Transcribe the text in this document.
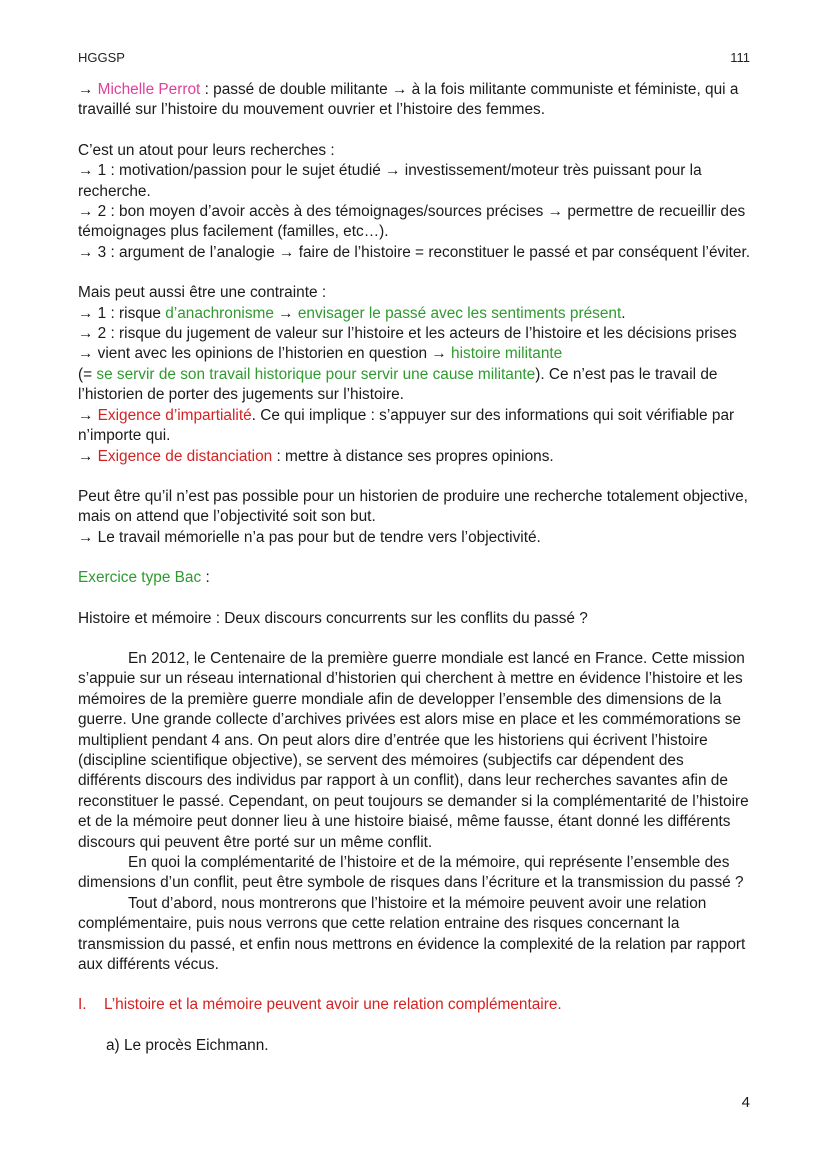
HGGSP	111

→ Michelle Perrot : passé de double militante → à la fois militante communiste et féministe, qui a travaillé sur l’histoire du mouvement ouvrier et l’histoire des femmes.

C’est un atout pour leurs recherches :

→ 1 : motivation/passion pour le sujet étudié → investissement/moteur très puissant pour la recherche.

→ 2 : bon moyen d’avoir accès à des témoignages/sources précises → permettre de recueillir des témoignages plus facilement (familles, etc…).

→ 3 : argument de l’analogie → faire de l’histoire = reconstituer le passé et par conséquent l’éviter.

Mais peut aussi être une contrainte :

→ 1 : risque d’anachronisme → envisager le passé avec les sentiments présent.

→ 2 : risque du jugement de valeur sur l’histoire et les acteurs de l’histoire et les décisions prises → vient avec les opinions de l’historien en question → histoire militante
(= se servir de son travail historique pour servir une cause militante). Ce n’est pas le travail de l’historien de porter des jugements sur l’histoire.

→ Exigence d’impartialité. Ce qui implique : s’appuyer sur des informations qui soit vérifiable par n’importe qui.

→ Exigence de distanciation : mettre à distance ses propres opinions.

Peut être qu’il n’est pas possible pour un historien de produire une recherche totalement objective, mais on attend que l’objectivité soit son but.

→ Le travail mémorielle n’a pas pour but de tendre vers l’objectivité.

Exercice type Bac :

Histoire et mémoire : Deux discours concurrents sur les conflits du passé ?

En 2012, le Centenaire de la première guerre mondiale est lancé en France. Cette mission s’appuie sur un réseau international d’historien qui cherchent à mettre en évidence l’histoire et les mémoires de la première guerre mondiale afin de developper l’ensemble des dimensions de la guerre. Une grande collecte d’archives privées est alors mise en place et les commémorations se multiplient pendant 4 ans. On peut alors dire d’entrée que les historiens qui écrivent l’histoire (discipline scientifique objective), se servent des mémoires (subjectifs car dépendent des différents discours des individus par rapport à un conflit), dans leur recherches savantes afin de reconstituer le passé. Cependant, on peut toujours se demander si la complémentarité de l’histoire et de la mémoire peut donner lieu à une histoire biaisé, même fausse, étant donné les différents discours qui peuvent être porté sur un même conflit.

En quoi la complémentarité de l’histoire et de la mémoire, qui représente l’ensemble des dimensions d’un conflit, peut être symbole de risques dans l’écriture et la transmission du passé ?

Tout d’abord, nous montrerons que l’histoire et la mémoire peuvent avoir une relation complémentaire, puis nous verrons que cette relation entraine des risques concernant la transmission du passé, et enfin nous mettrons en évidence la complexité de la relation par rapport aux différents vécus.

I.	L’histoire et la mémoire peuvent avoir une relation complémentaire.

a) Le procès Eichmann.

4
